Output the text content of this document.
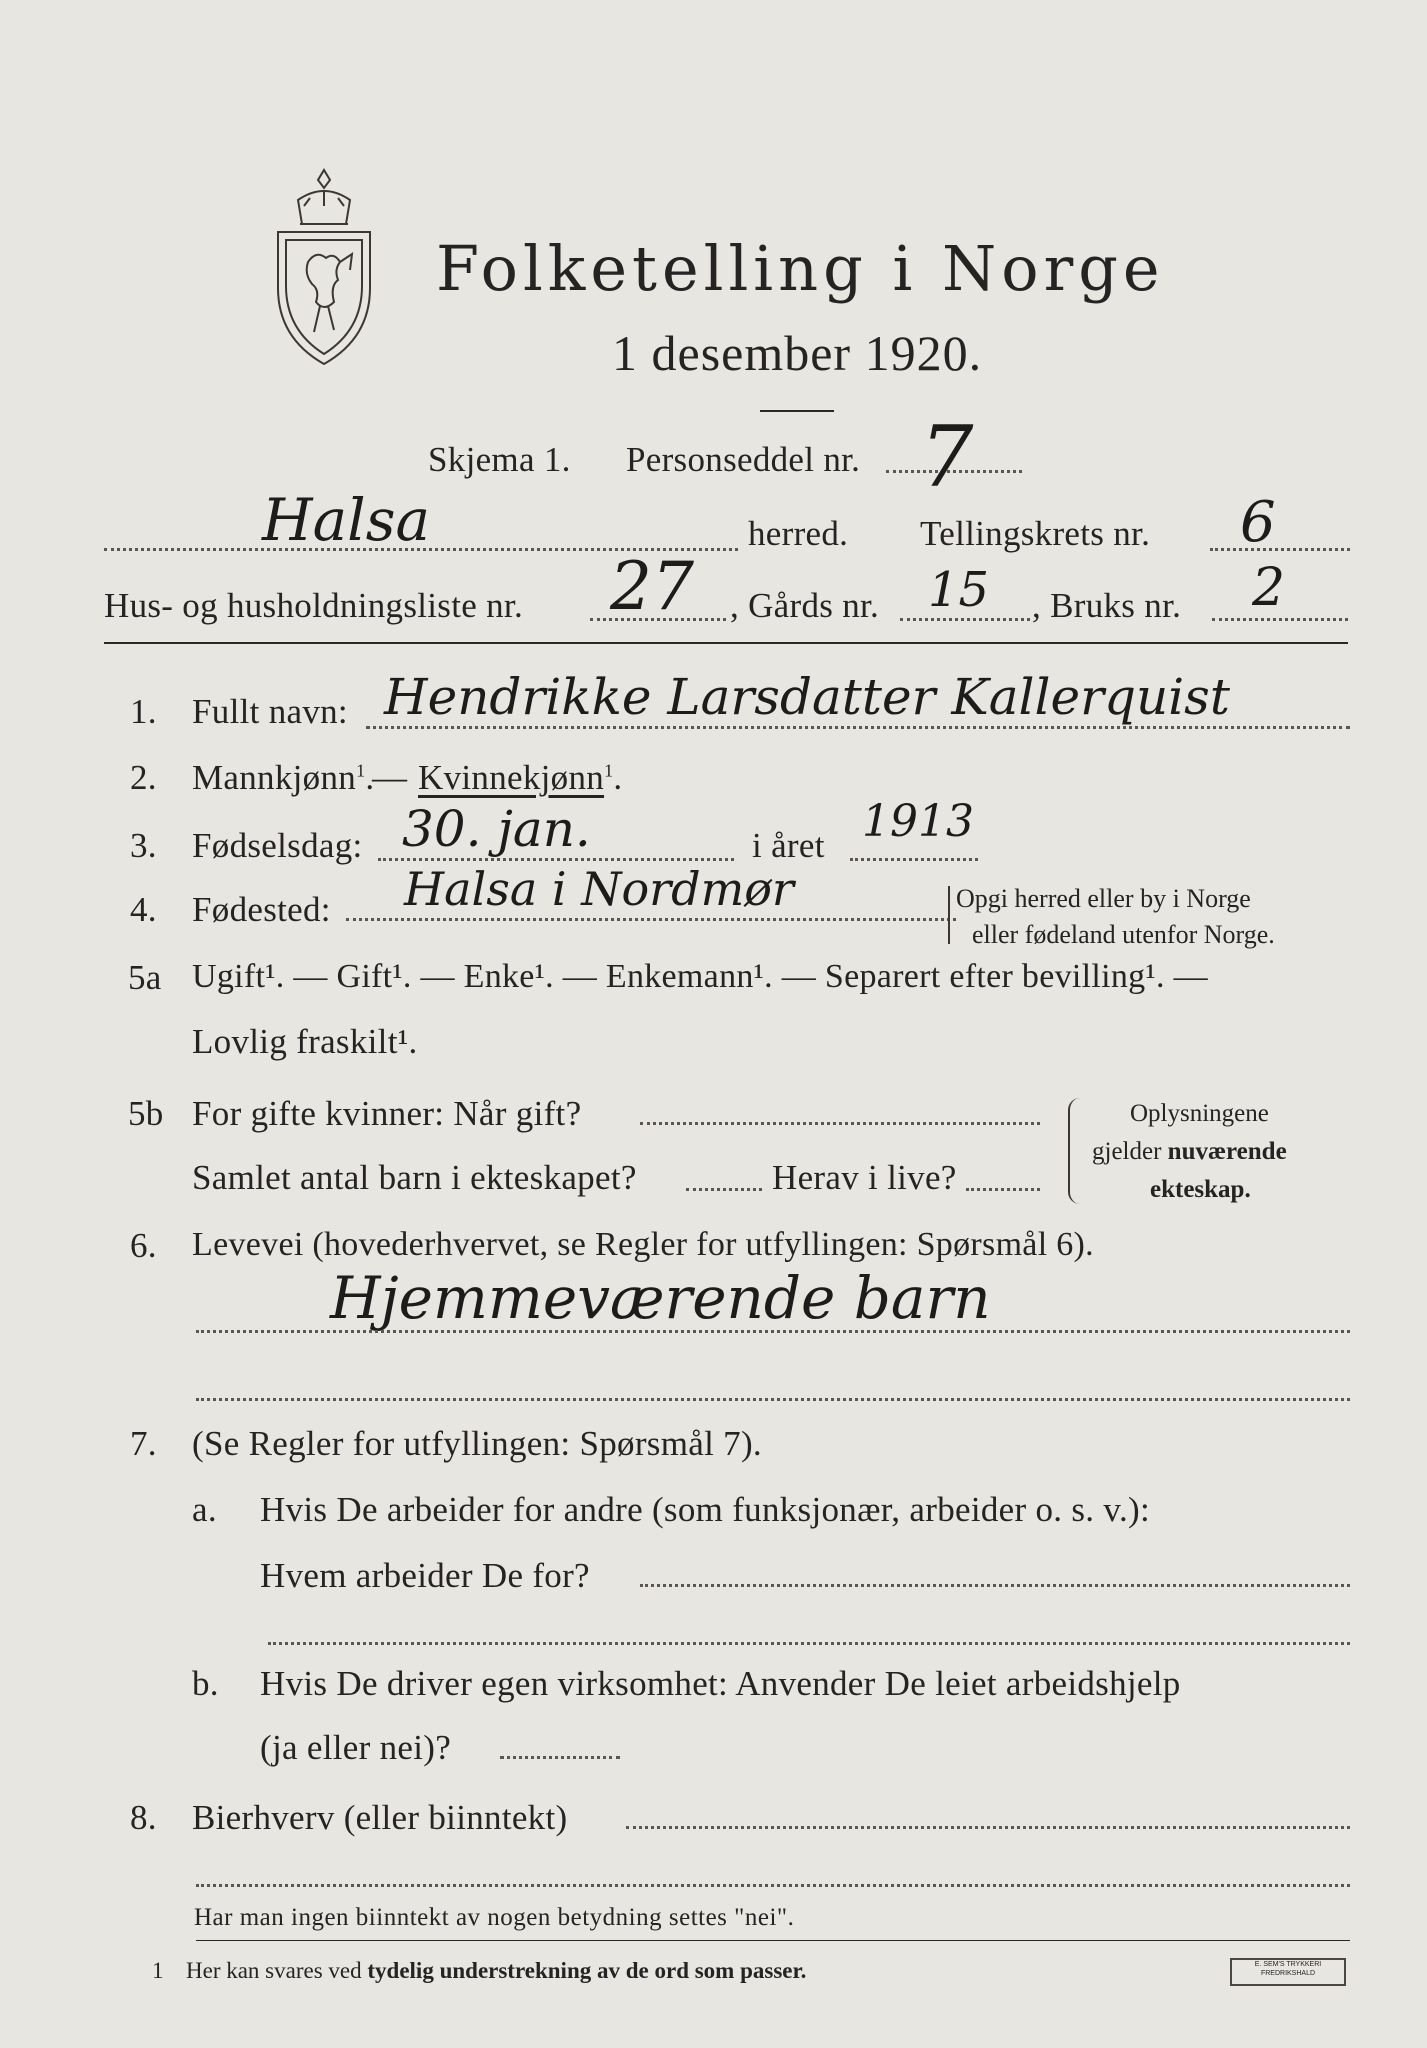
Folketelling i Norge
1 desember 1920.
Skjema 1. Personseddel nr. 7
Halsa	herred. Tellingskrets nr. 6
Hus- og husholdningsliste nr. 27 , Gårds nr. 15 , Bruks nr. 2
1. Fullt navn: Hendrikke Larsdatter Kallerquist
2. Mannkjønn$^1$.
— Kvinnekjønn$^1$.
3. Fødselsdag: 30. jan.	i året 1913
4. Fødested: Halsa i Nordmør	Opgi herred eller by i Norge
eller fødeland utenfor Norge.
5a Ugift¹. — Gift¹. — Enke¹. — Enkemann¹. — Separert efter bevilling¹. —
Lovlig fraskilt¹.
5b For gifte kvinner: Når gift?
Samlet antal barn i ekteskapet?	Herav i live?
Oplysningene
gjelder nuværende
ekteskap.
6. Levevei (hovederhvervet, se Regler for utfyllingen: Spørsmål 6).
Hjemmeværende barn
7. (Se Regler for utfyllingen: Spørsmål 7).
a. Hvis De arbeider for andre (som funksjonær, arbeider o. s. v.):
Hvem arbeider De for?
b. Hvis De driver egen virksomhet: Anvender De leiet arbeidshjelp
(ja eller nei)?
8. Bierhverv (eller biinntekt)
Har man ingen biinntekt av nogen betydning settes "nei".
1 Her kan svares ved tydelig understrekning av de ord som passer.	E. SEM'S TRYKKERI FREDRIKSHALD
